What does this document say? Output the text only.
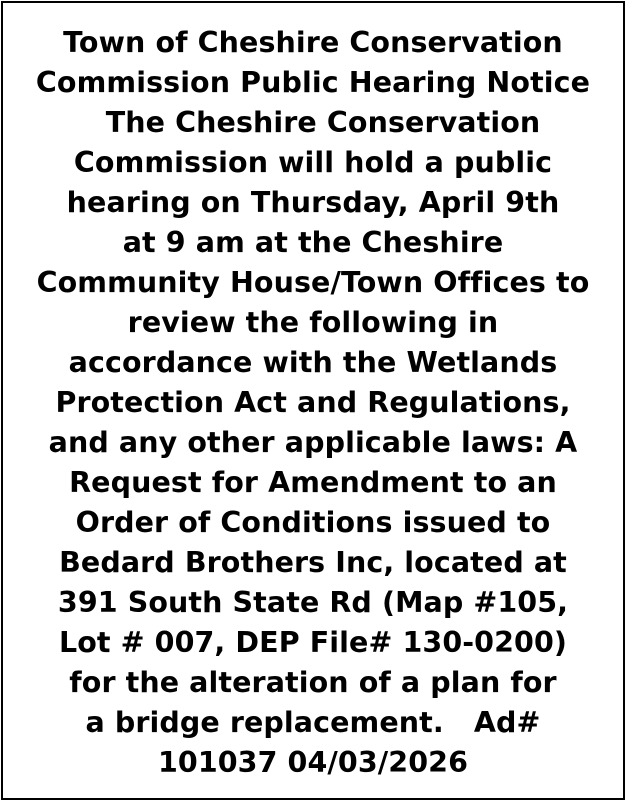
Town of Cheshire Conservation
Commission Public Hearing Notice
The Cheshire Conservation
Commission will hold a public
hearing on Thursday, April 9th
at 9 am at the Cheshire
Community House/Town Offices to
review the following in
accordance with the Wetlands
Protection Act and Regulations,
and any other applicable laws: A
Request for Amendment to an
Order of Conditions issued to
Bedard Brothers Inc, located at
391 South State Rd (Map #105,
Lot # 007, DEP File# 130-0200)
for the alteration of a plan for
a bridge replacement.   Ad#
101037 04/03/2026
